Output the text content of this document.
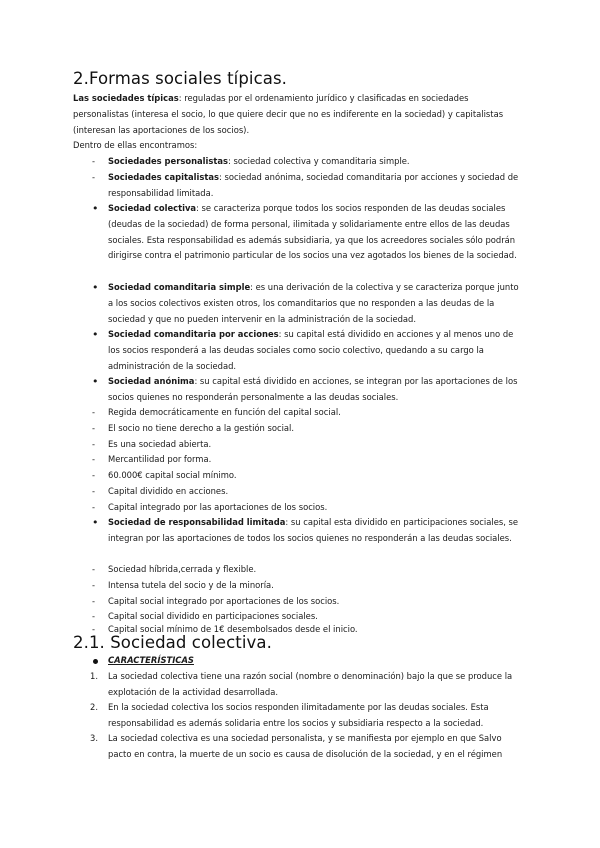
2.Formas sociales típicas.

Las sociedades típicas: reguladas por el ordenamiento jurídico y clasificadas en sociedades personalistas (interesa el socio, lo que quiere decir que no es indiferente en la sociedad) y capitalistas (interesan las aportaciones de los socios).

Dentro de ellas encontramos:
- Sociedades personalistas: sociedad colectiva y comanditaria simple.
- Sociedades capitalistas: sociedad anónima, sociedad comanditaria por acciones y sociedad de responsabilidad limitada.
• Sociedad colectiva: se caracteriza porque todos los socios responden de las deudas sociales (deudas de la sociedad) de forma personal, ilimitada y solidariamente entre ellos de las deudas sociales. Esta responsabilidad es además subsidiaria, ya que los acreedores sociales sólo podrán dirigirse contra el patrimonio particular de los socios una vez agotados los bienes de la sociedad.
• Sociedad comanditaria simple: es una derivación de la colectiva y se caracteriza porque junto a los socios colectivos existen otros, los comanditarios que no responden a las deudas de la sociedad y que no pueden intervenir en la administración de la sociedad.
• Sociedad comanditaria por acciones: su capital está dividido en acciones y al menos uno de los socios responderá a las deudas sociales como socio colectivo, quedando a su cargo la administración de la sociedad.
• Sociedad anónima: su capital está dividido en acciones, se integran por las aportaciones de los socios quienes no responderán personalmente a las deudas sociales.
- Regida democráticamente en función del capital social.
- El socio no tiene derecho a la gestión social.
- Es una sociedad abierta.
- Mercantilidad por forma.
- 60.000€ capital social mínimo.
- Capital dividido en acciones.
- Capital integrado por las aportaciones de los socios.
• Sociedad de responsabilidad limitada: su capital esta dividido en participaciones sociales, se integran por las aportaciones de todos los socios quienes no responderán a las deudas sociales.
- Sociedad híbrida,cerrada y flexible.
- Intensa tutela del socio y de la minoría.
- Capital social integrado por aportaciones de los socios.
- Capital social dividido en participaciones sociales.
- Capital social mínimo de 1€ desembolsados desde el inicio.
2.1. Sociedad colectiva.
CARACTERÍSTICAS
1. La sociedad colectiva tiene una razón social (nombre o denominación) bajo la que se produce la explotación de la actividad desarrollada.
2. En la sociedad colectiva los socios responden ilimitadamente por las deudas sociales. Esta responsabilidad es además solidaria entre los socios y subsidiaria respecto a la sociedad.
3. La sociedad colectiva es una sociedad personalista, y se manifiesta por ejemplo en que Salvo pacto en contra, la muerte de un socio es causa de disolución de la sociedad, y en el régimen
